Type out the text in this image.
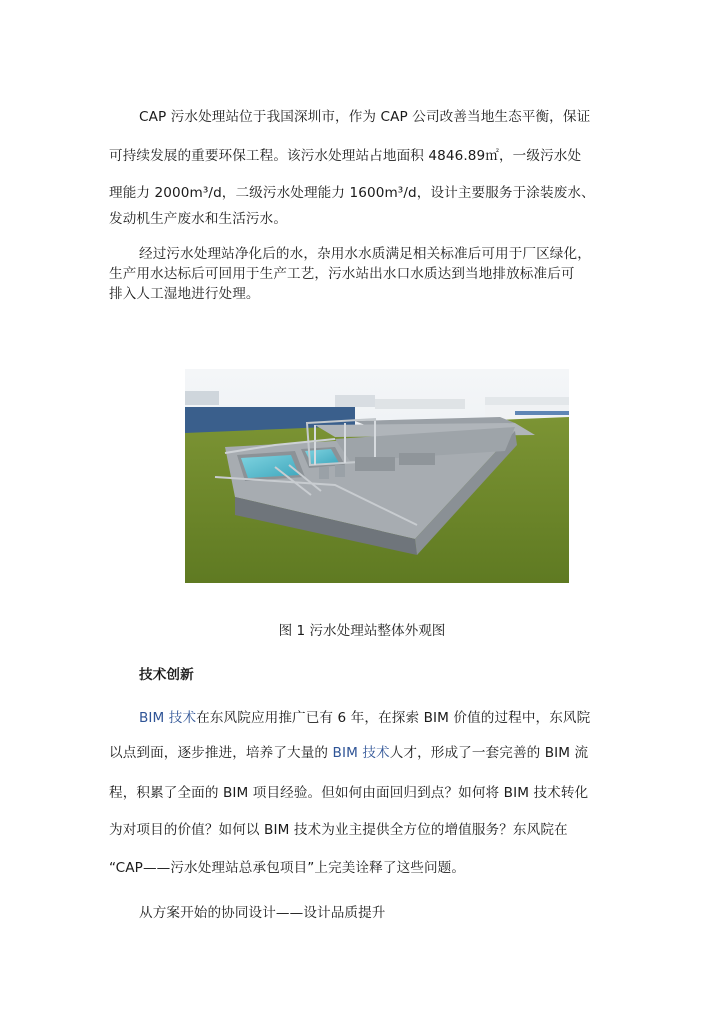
CAP 污水处理站位于我国深圳市，作为 CAP 公司改善当地生态平衡，保证
可持续发展的重要环保工程。该污水处理站占地面积 4846.89㎡，一级污水处
理能力 2000m³/d，二级污水处理能力 1600m³/d，设计主要服务于涂装废水、
发动机生产废水和生活污水。
经过污水处理站净化后的水，杂用水水质满足相关标准后可用于厂区绿化，
生产用水达标后可回用于生产工艺，污水站出水口水质达到当地排放标准后可
排入人工湿地进行处理。
图 1 污水处理站整体外观图
技术创新
BIM 技术在东风院应用推广已有 6 年，在探索 BIM 价值的过程中，东风院
以点到面，逐步推进，培养了大量的 BIM 技术人才，形成了一套完善的 BIM 流
程，积累了全面的 BIM 项目经验。但如何由面回归到点？如何将 BIM 技术转化
为对项目的价值？如何以 BIM 技术为业主提供全方位的增值服务？东风院在
“CAP——污水处理站总承包项目”上完美诠释了这些问题。
从方案开始的协同设计——设计品质提升
